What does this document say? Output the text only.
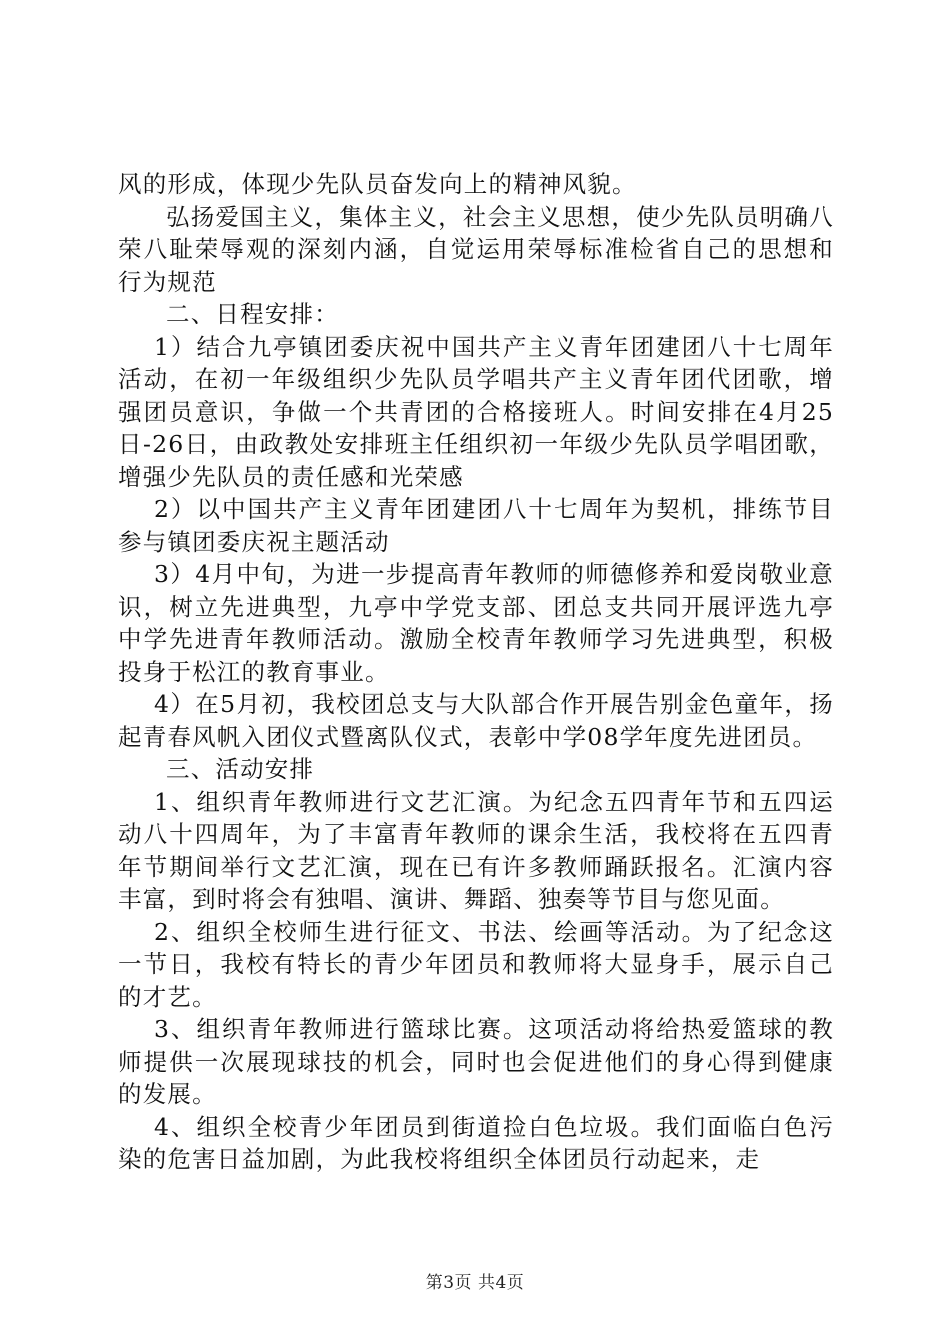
风的形成，体现少先队员奋发向上的精神风貌。

弘扬爱国主义，集体主义，社会主义思想，使少先队员明确八荣八耻荣辱观的深刻内涵，自觉运用荣辱标准检省自己的思想和行为规范

二、日程安排：

1）结合九亭镇团委庆祝中国共产主义青年团建团八十七周年活动，在初一年级组织少先队员学唱共产主义青年团代团歌，增强团员意识，争做一个共青团的合格接班人。时间安排在4月25日-26日，由政教处安排班主任组织初一年级少先队员学唱团歌，增强少先队员的责任感和光荣感

2）以中国共产主义青年团建团八十七周年为契机，排练节目参与镇团委庆祝主题活动

3）4月中旬，为进一步提高青年教师的师德修养和爱岗敬业意识，树立先进典型，九亭中学党支部、团总支共同开展评选九亭中学先进青年教师活动。激励全校青年教师学习先进典型，积极投身于松江的教育事业。

4）在5月初，我校团总支与大队部合作开展告别金色童年，扬起青春风帆入团仪式暨离队仪式，表彰中学08学年度先进团员。

三、活动安排

1、组织青年教师进行文艺汇演。为纪念五四青年节和五四运动八十四周年，为了丰富青年教师的课余生活，我校将在五四青年节期间举行文艺汇演，现在已有许多教师踊跃报名。汇演内容丰富，到时将会有独唱、演讲、舞蹈、独奏等节目与您见面。

2、组织全校师生进行征文、书法、绘画等活动。为了纪念这一节日，我校有特长的青少年团员和教师将大显身手，展示自己的才艺。

3、组织青年教师进行篮球比赛。这项活动将给热爱篮球的教师提供一次展现球技的机会，同时也会促进他们的身心得到健康的发展。

4、组织全校青少年团员到街道捡白色垃圾。我们面临白色污染的危害日益加剧，为此我校将组织全体团员行动起来，走

第3页 共4页
